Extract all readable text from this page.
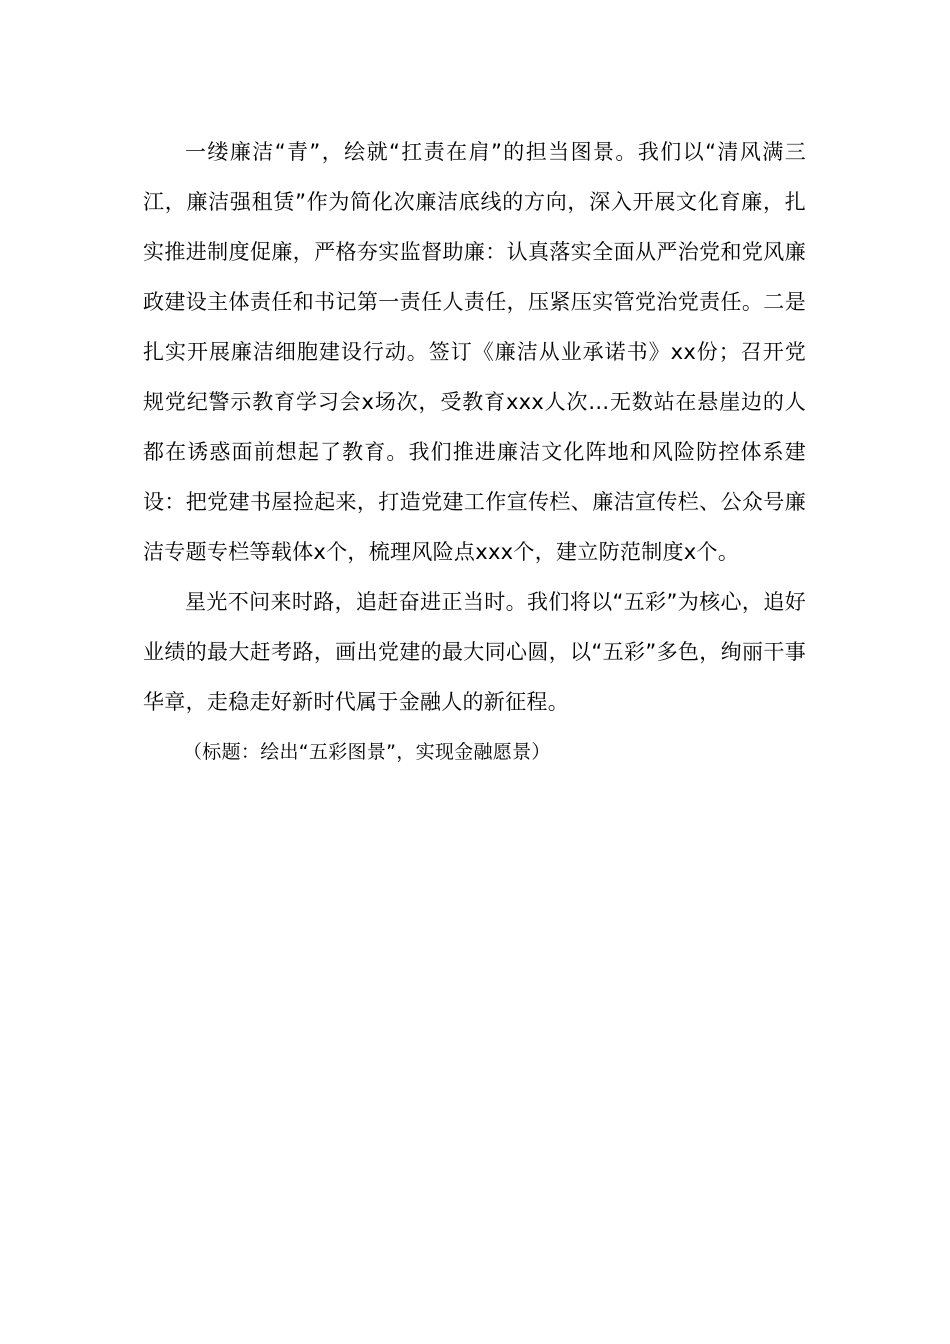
一缕廉洁“青”，绘就“扛责在肩”的担当图景。我们以“清风满三江，廉洁强租赁”作为简化次廉洁底线的方向，深入开展文化育廉，扎实推进制度促廉，严格夯实监督助廉：认真落实全面从严治党和党风廉政建设主体责任和书记第一责任人责任，压紧压实管党治党责任。二是扎实开展廉洁细胞建设行动。签订《廉洁从业承诺书》xx份；召开党规党纪警示教育学习会x场次，受教育xxx人次...无数站在悬崖边的人都在诱惑面前想起了教育。我们推进廉洁文化阵地和风险防控体系建设：把党建书屋捡起来，打造党建工作宣传栏、廉洁宣传栏、公众号廉洁专题专栏等载体x个，梳理风险点xxx个，建立防范制度x个。

星光不问来时路，追赶奋进正当时。我们将以“五彩”为核心，追好业绩的最大赶考路，画出党建的最大同心圆，以“五彩”多色，绚丽干事华章，走稳走好新时代属于金融人的新征程。

（标题：绘出“五彩图景”，实现金融愿景）
